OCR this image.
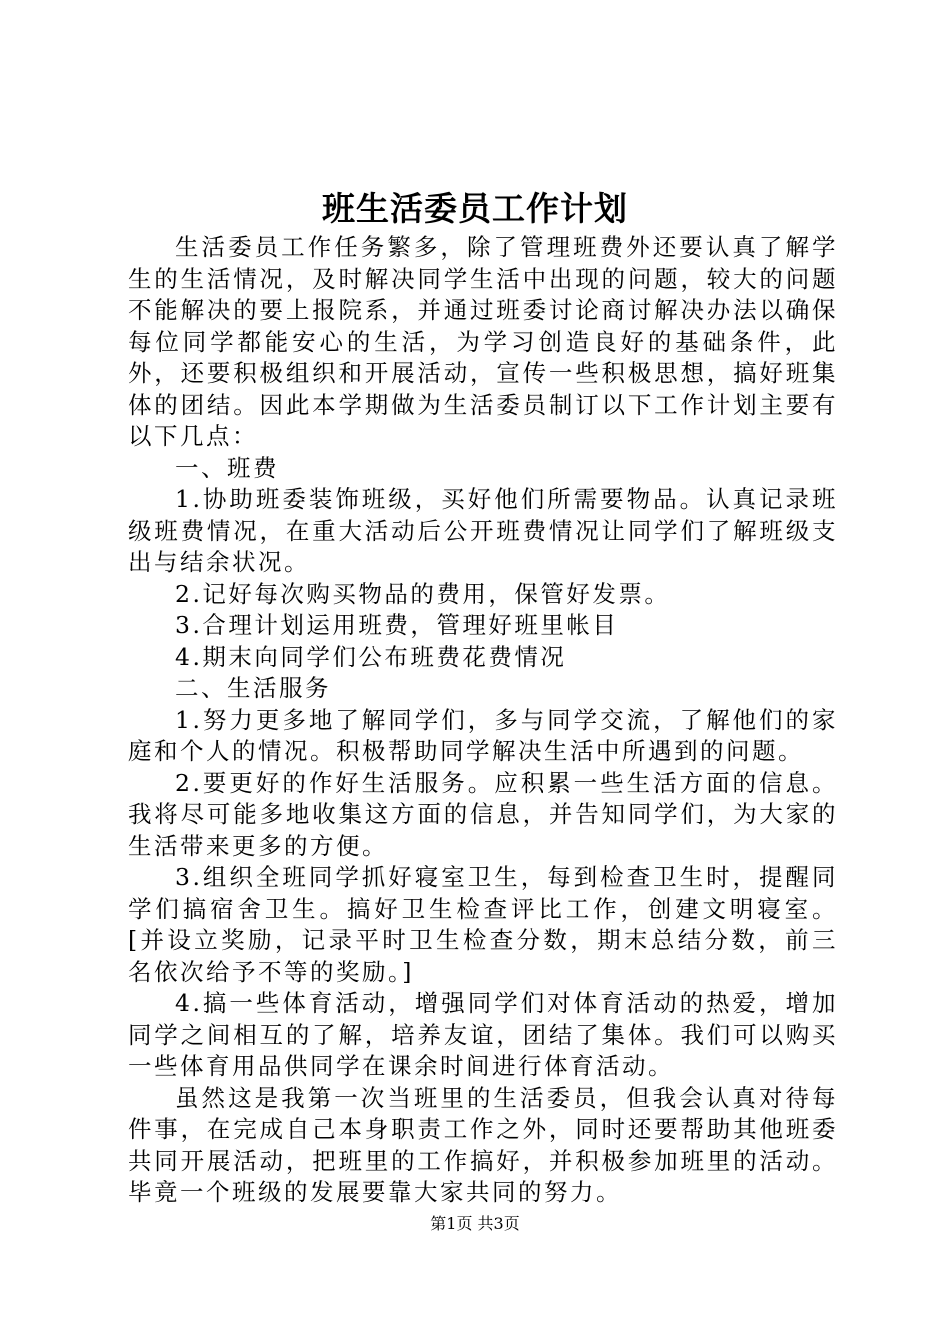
班生活委员工作计划

生活委员工作任务繁多，除了管理班费外还要认真了解学生的生活情况，及时解决同学生活中出现的问题，较大的问题不能解决的要上报院系，并通过班委讨论商讨解决办法以确保每位同学都能安心的生活，为学习创造良好的基础条件，此外，还要积极组织和开展活动，宣传一些积极思想，搞好班集体的团结。因此本学期做为生活委员制订以下工作计划主要有以下几点：

一、班费

1.协助班委装饰班级，买好他们所需要物品。认真记录班级班费情况，在重大活动后公开班费情况让同学们了解班级支出与结余状况。

2.记好每次购买物品的费用，保管好发票。

3.合理计划运用班费，管理好班里帐目

4.期末向同学们公布班费花费情况

二、生活服务

1.努力更多地了解同学们，多与同学交流，了解他们的家庭和个人的情况。积极帮助同学解决生活中所遇到的问题。

2.要更好的作好生活服务。应积累一些生活方面的信息。我将尽可能多地收集这方面的信息，并告知同学们，为大家的生活带来更多的方便。

3.组织全班同学抓好寝室卫生，每到检查卫生时，提醒同学们搞宿舍卫生。搞好卫生检查评比工作，创建文明寝室。[并设立奖励，记录平时卫生检查分数，期末总结分数，前三名依次给予不等的奖励。]

4.搞一些体育活动，增强同学们对体育活动的热爱，增加同学之间相互的了解，培养友谊，团结了集体。我们可以购买一些体育用品供同学在课余时间进行体育活动。

虽然这是我第一次当班里的生活委员，但我会认真对待每件事，在完成自己本身职责工作之外，同时还要帮助其他班委共同开展活动，把班里的工作搞好，并积极参加班里的活动。毕竟一个班级的发展要靠大家共同的努力。

第1页 共3页
